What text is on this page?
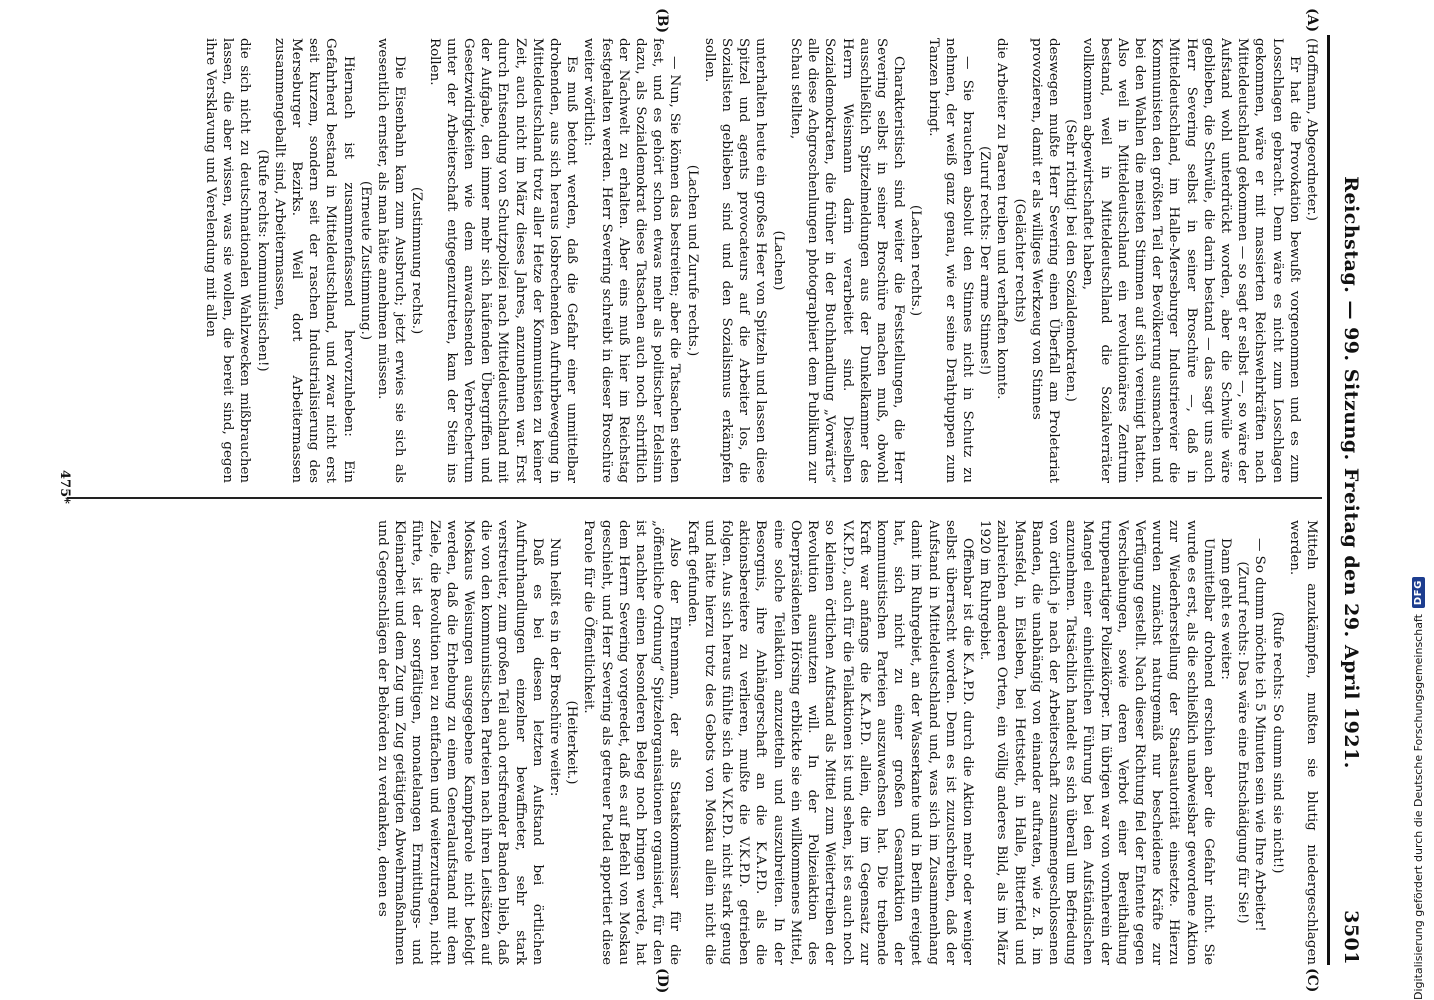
Reichstag. — 99. Sitzung. Freitag den 29. April 1921.
3501
(A)
(B)
(C)
(D)

(Hoffmann, Abgeordneter.)

Er hat die Provokation bewußt vorgenommen und es zum Losschlagen gebracht. Denn wäre es nicht zum Losschlagen gekommen, wäre er mit massierten Reichswehrkräften nach Mitteldeutschland gekommen — so sagt er selbst —, so wäre der Aufstand wohl unterdrückt worden, aber die Schwüle wäre geblieben, die Schwüle, die darin bestand — das sagt uns auch Herr Severing selbst in seiner Broschüre —, daß in Mitteldeutschland, im Halle-Merseburger Industrierevier die Kommunisten den größten Teil der Bevölkerung ausmachen und bei den Wahlen die meisten Stimmen auf sich vereinigt hatten. Also weil in Mitteldeutschland ein revolutionäres Zentrum bestand, weil in Mitteldeutschland die Sozialverräter vollkommen abgewirtschaftet haben,

(Sehr richtig! bei den Sozialdemokraten.)

deswegen mußte Herr Severing einen Überfall am Proletariat provozieren, damit er als williges Werkzeug von Stinnes

(Gelächter rechts)

die Arbeiter zu Paaren treiben und verhaften konnte.

(Zuruf rechts: Der arme Stinnes!)

— Sie brauchen absolut den Stinnes nicht in Schutz zu nehmen, der weiß ganz genau, wie er seine Drahtpuppen zum Tanzen bringt.

(Lachen rechts.)

Charakteristisch sind weiter die Feststellungen, die Herr Severing selbst in seiner Broschüre machen muß, obwohl ausschließlich Spitzelmeldungen aus der Dunkelkammer des Herrn Weismann darin verarbeitet sind. Dieselben Sozialdemokraten, die früher in der Buchhandlung „Vorwärts“ alle diese Achgroschenlungen photographiert dem Publikum zur Schau stellten,

(Lachen)

unterhalten heute ein großes Heer von Spitzeln und lassen diese Spitzel und agents provocateurs auf die Arbeiter los, die Sozialisten geblieben sind und den Sozialismus erkämpfen sollen.

(Lachen und Zurufe rechts.)

— Nun, Sie können das bestreiten; aber die Tatsachen stehen fest, und es gehört schon etwas mehr als politischer Edelsinn dazu, als Sozialdemokrat diese Tatsachen auch noch schriftlich der Nachwelt zu erhalten. Aber eins muß hier im Reichstag festgehalten werden. Herr Severing schreibt in dieser Broschüre weiter wörtlich:

Es muß betont werden, daß die Gefahr einer unmittelbar drohenden, aus sich heraus losbrechenden Aufruhrbewegung in Mitteldeutschland trotz aller Hetze der Kommunisten zu keiner Zeit, auch nicht im März dieses Jahres, anzunehmen war. Erst durch Entsendung von Schutzpolizei nach Mitteldeutschland mit der Aufgabe, den immer mehr sich häufenden Übergriffen und Gesetzwidrigkeiten wie dem anwachsenden Verbrechertum unter der Arbeiterschaft entgegenzutreten, kam der Stein ins Rollen.

(Zustimmung rechts.)

Die Eisenbahn kam zum Ausbruch; jetzt erwies sie sich als wesentlich ernster, als man hätte annehmen müssen.

(Erneute Zustimmung.)

Hiernach ist zusammenfassend hervorzuheben: Ein Gefahrherd bestand in Mitteldeutschland, und zwar nicht erst seit kurzem, sondern seit der raschen Industrialisierung des Merseburger Bezirks. Weil dort Arbeitermassen zusammengeballt sind, Arbeitermassen,

(Rufe rechts: kommunistischen!)

die sich nicht zu deutschnationalen Wahlzwecken mißbrauchen lassen, die aber wissen, was sie wollen, die bereit sind, gegen ihre Versklavung und Verelendung mit allen

Mitteln anzukämpfen, mußten sie blutig niedergeschlagen werden.

(Rufe rechts: So dumm sind sie nicht!)

— So dumm möchte ich 5 Minuten sein wie Ihre Arbeiter!

(Zuruf rechts: Das wäre eine Entschädigung für Sie!)

Dann geht es weiter:

Unmittelbar drohend erschien aber die Gefahr nicht. Sie wurde es erst, als die schließlich unabweisbar gewordene Aktion zur Wiederherstellung der Staatsautorität einsetzte. Hierzu wurden zunächst naturgemäß nur bescheidene Kräfte zur Verfügung gestellt. Nach dieser Richtung fiel der Entente gegen Verschiebungen, sowie deren Verbot einer Bereithaltung truppenartiger Polizeikörper. Im übrigen war von vornherein der Mangel einer einheitlichen Führung bei den Aufständischen anzunehmen. Tatsächlich handelt es sich überall um Befriedung von örtlich je nach der Arbeiterschaft zusammengeschlossenen Banden, die unabhängig von einander auftraten, wie z. B. im Mansfeld, in Eisleben, bei Hettstedt, in Halle, Bitterfeld und zahlreichen anderen Orten, ein völlig anderes Bild, als im März 1920 im Ruhrgebiet.

Offenbar ist die K.A.P.D. durch die Aktion mehr oder weniger selbst überrascht worden. Denn es ist zuzuschreiben, daß der Aufstand in Mitteldeutschland und, was sich im Zusammenhang damit im Ruhrgebiet, an der Wasserkante und in Berlin ereignet hat, sich nicht zu einer großen Gesamtaktion der kommunistischen Parteien auszuwachsen hat. Die treibende Kraft war anfangs die K.A.P.D. allein, die im Gegensatz zur V.K.P.D., auch für die Teilaktionen ist und sehen, ist es auch noch so kleinen örtlichen Aufstand als Mittel zum Weitertreiben der Revolution ausnutzen will. In der Polizeiaktion des Oberpräsidenten Hörsing erblickte sie ein willkommenes Mittel, eine solche Teilaktion anzuzetteln und auszubreiten. In der Besorgnis, ihre Anhängerschaft an die K.A.P.D. als die aktionsbereitere zu verlieren, mußte die V.K.P.D. getrieben folgen. Aus sich heraus fühlte sich die V.K.P.D. nicht stark genug und hätte hierzu trotz des Gebots von Moskau allein nicht die Kraft gefunden.

Also der Ehrenmann, der als Staatskommissar für die „öffentliche Ordnung“ Spitzelorganisationen organisiert, für den ist nachher einen besonderen Beleg noch bringen werde, hat dem Herrn Severing vorgeredet, daß es auf Befehl von Moskau geschieht, und Herr Severing als getreuer Pudel apportiert diese Parole für die Öffentlichkeit.

(Heiterkeit.)

Nun heißt es in der Broschüre weiter:

Daß es bei diesen letzten Aufstand bei örtlichen Aufruhrhandlungen einzelner bewaffneter, sehr stark verstreuter, zum großen Teil auch ortsfremder Banden blieb, daß die von den kommunistischen Parteien nach ihren Leitsätzen auf Moskaus Weisungen ausgegebene Kampfparole nicht befolgt werden, daß die Erhebung zu einem Generalaufstand mit dem Ziele, die Revolution neu zu entfachen und weiterzutragen, nicht führte, ist der sorgfältigen, monatelangen Ermittlungs- und Kleinarbeit und dem Zug um Zug getätigten Abwehrmaßnahmen und Gegenschlägen der Behörden zu verdanken, denen es

475*
Digitalisierung gefördert durch die Deutsche Forschungsgemeinschaft
DFG
